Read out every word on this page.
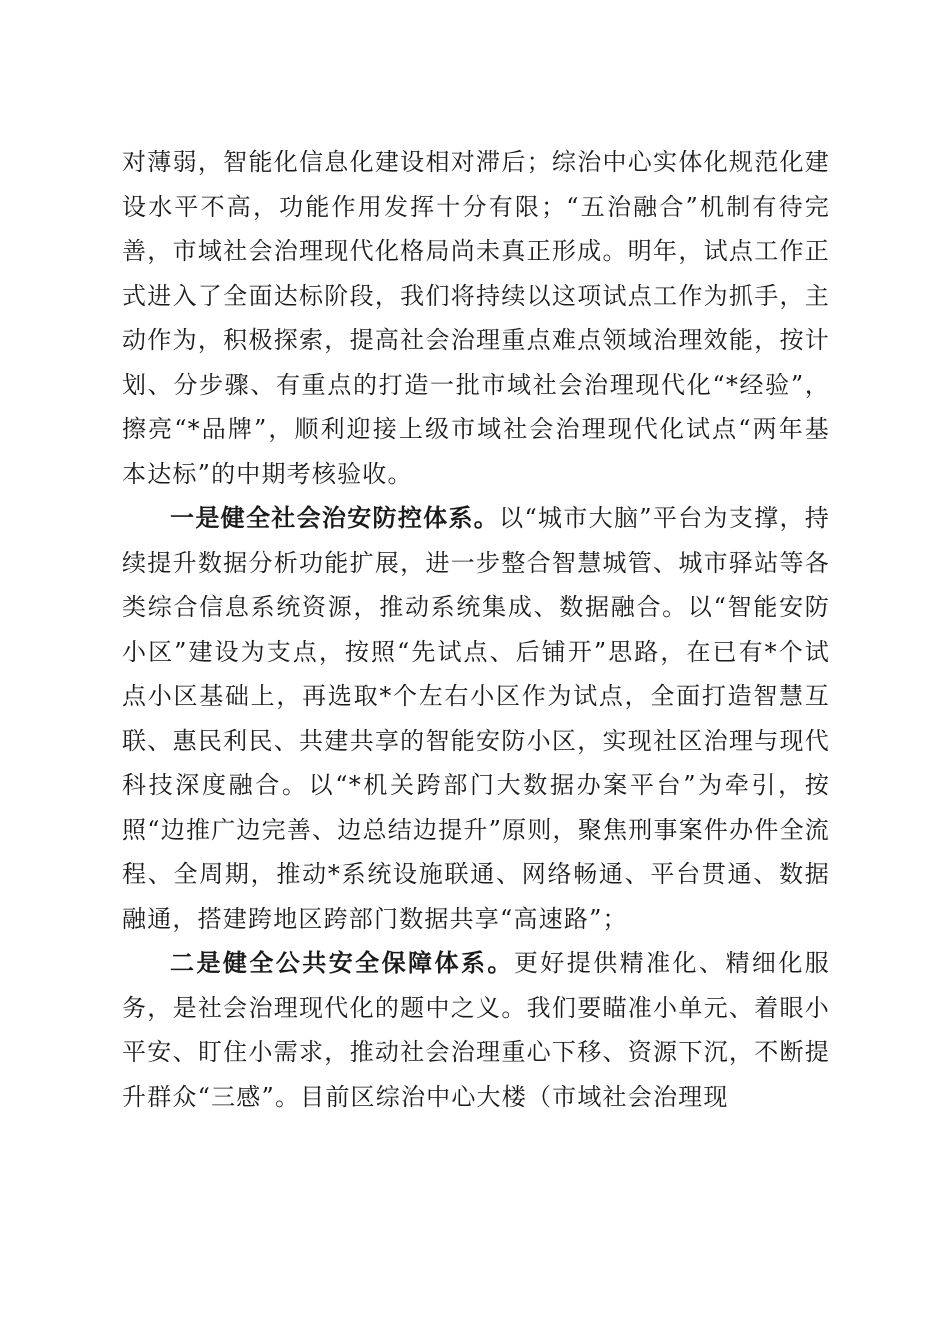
对薄弱，智能化信息化建设相对滞后；综治中心实体化规范化建设水平不高，功能作用发挥十分有限；“五治融合”机制有待完善，市域社会治理现代化格局尚未真正形成。明年，试点工作正式进入了全面达标阶段，我们将持续以这项试点工作为抓手，主动作为，积极探索，提高社会治理重点难点领域治理效能，按计划、分步骤、有重点的打造一批市域社会治理现代化“*经验”，擦亮“*品牌”，顺利迎接上级市域社会治理现代化试点“两年基本达标”的中期考核验收。

一是健全社会治安防控体系。以“城市大脑”平台为支撑，持续提升数据分析功能扩展，进一步整合智慧城管、城市驿站等各类综合信息系统资源，推动系统集成、数据融合。以“智能安防小区”建设为支点，按照“先试点、后铺开”思路，在已有*个试点小区基础上，再选取*个左右小区作为试点，全面打造智慧互联、惠民利民、共建共享的智能安防小区，实现社区治理与现代科技深度融合。以“*机关跨部门大数据办案平台”为牵引，按照“边推广边完善、边总结边提升”原则，聚焦刑事案件办件全流程、全周期，推动*系统设施联通、网络畅通、平台贯通、数据融通，搭建跨地区跨部门数据共享“高速路”；

二是健全公共安全保障体系。更好提供精准化、精细化服务，是社会治理现代化的题中之义。我们要瞄准小单元、着眼小平安、盯住小需求，推动社会治理重心下移、资源下沉，不断提升群众“三感”。目前区综治中心大楼（市域社会治理现
